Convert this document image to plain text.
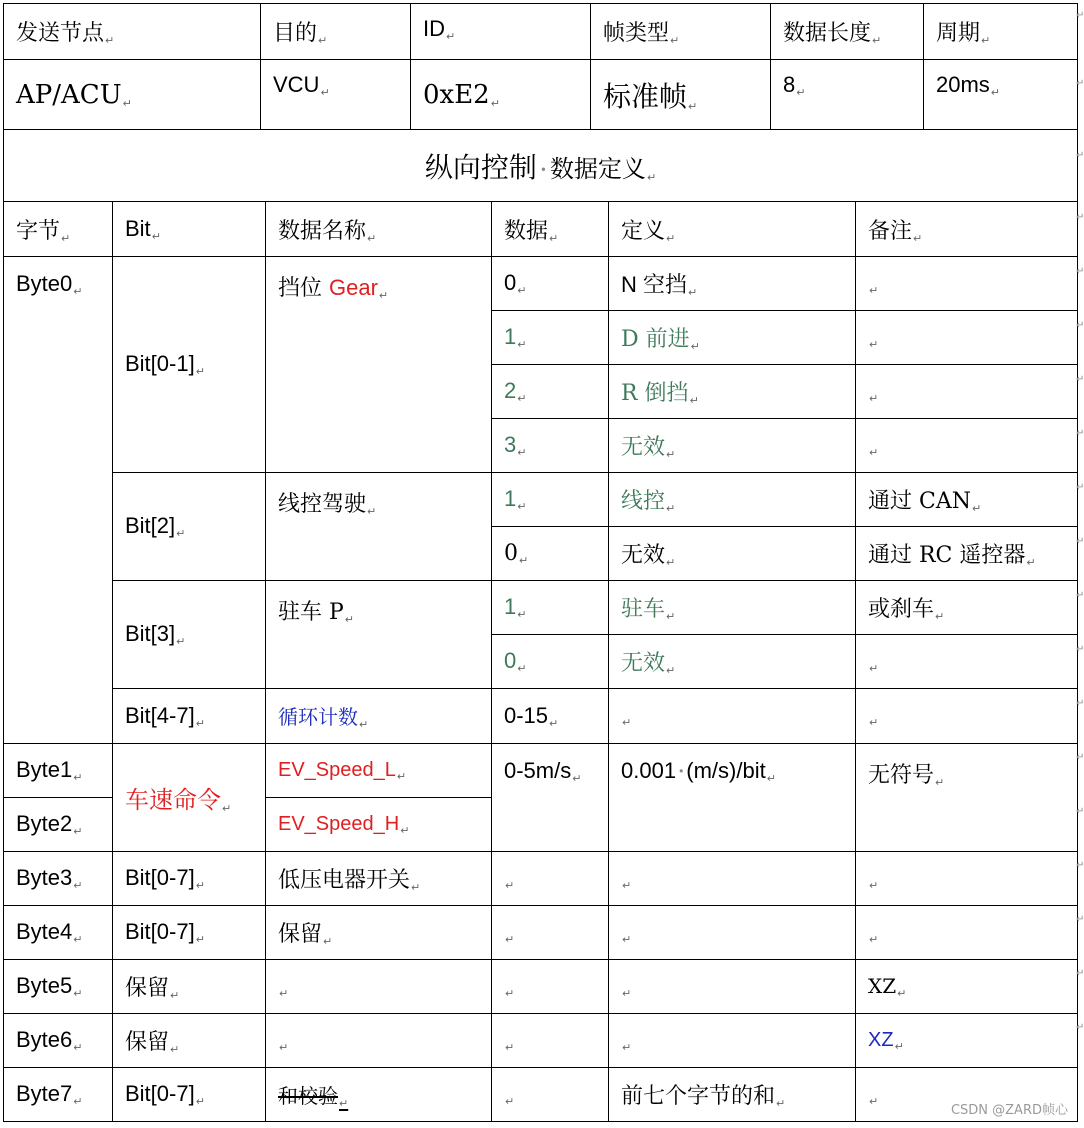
发送节点↵	目的↵	ID↵	帧类型↵	数据长度↵	周期↵
AP/ACU↵	VCU↵	0xE2↵	标准帧↵	8↵	20ms↵
纵向控制 • 数据定义↵					
字节↵	Bit↵	数据名称↵	数据↵	定义↵	备注↵
Byte0↵	Bit[0-1]↵	挡位 Gear↵	0↵	N 空挡↵	↵
			1↵	D 前进↵	↵
			2↵	R 倒挡↵	↵
			3↵	无效↵	↵
	Bit[2]↵	线控驾驶↵	1↵	线控↵	通过 CAN↵
			0↵	无效↵	通过 RC 遥控器↵
	Bit[3]↵	驻车 P↵	1↵	驻车↵	或刹车↵
			0↵	无效↵	↵
	Bit[4-7]↵	循环计数$_↵$	0-15↵	↵	↵
Byte1↵	车速命令↵	$EV\_Speed\_L_↵$	0-5m/s↵	0.001 • (m/s)/bit↵	无符号↵
Byte2↵		$EV\_Speed\_H_↵$
Byte3↵	Bit[0-7]↵	低压电器开关↵	↵	↵	↵
Byte4↵	Bit[0-7]↵	保留↵	↵	↵	↵
Byte5↵	保留↵	↵	↵	↵	$XZ_↵$
Byte6↵	保留↵	↵	↵	↵	$XZ_↵$
Byte7↵	Bit[0-7]↵	和校验$_↵$	↵	前七个字节的和↵	↵
↵
↵
↵
↵
↵
↵
↵
↵
↵
↵
↵
↵
↵
↵
↵
↵
↵
↵
↵
CSDN @ZARD帧心
